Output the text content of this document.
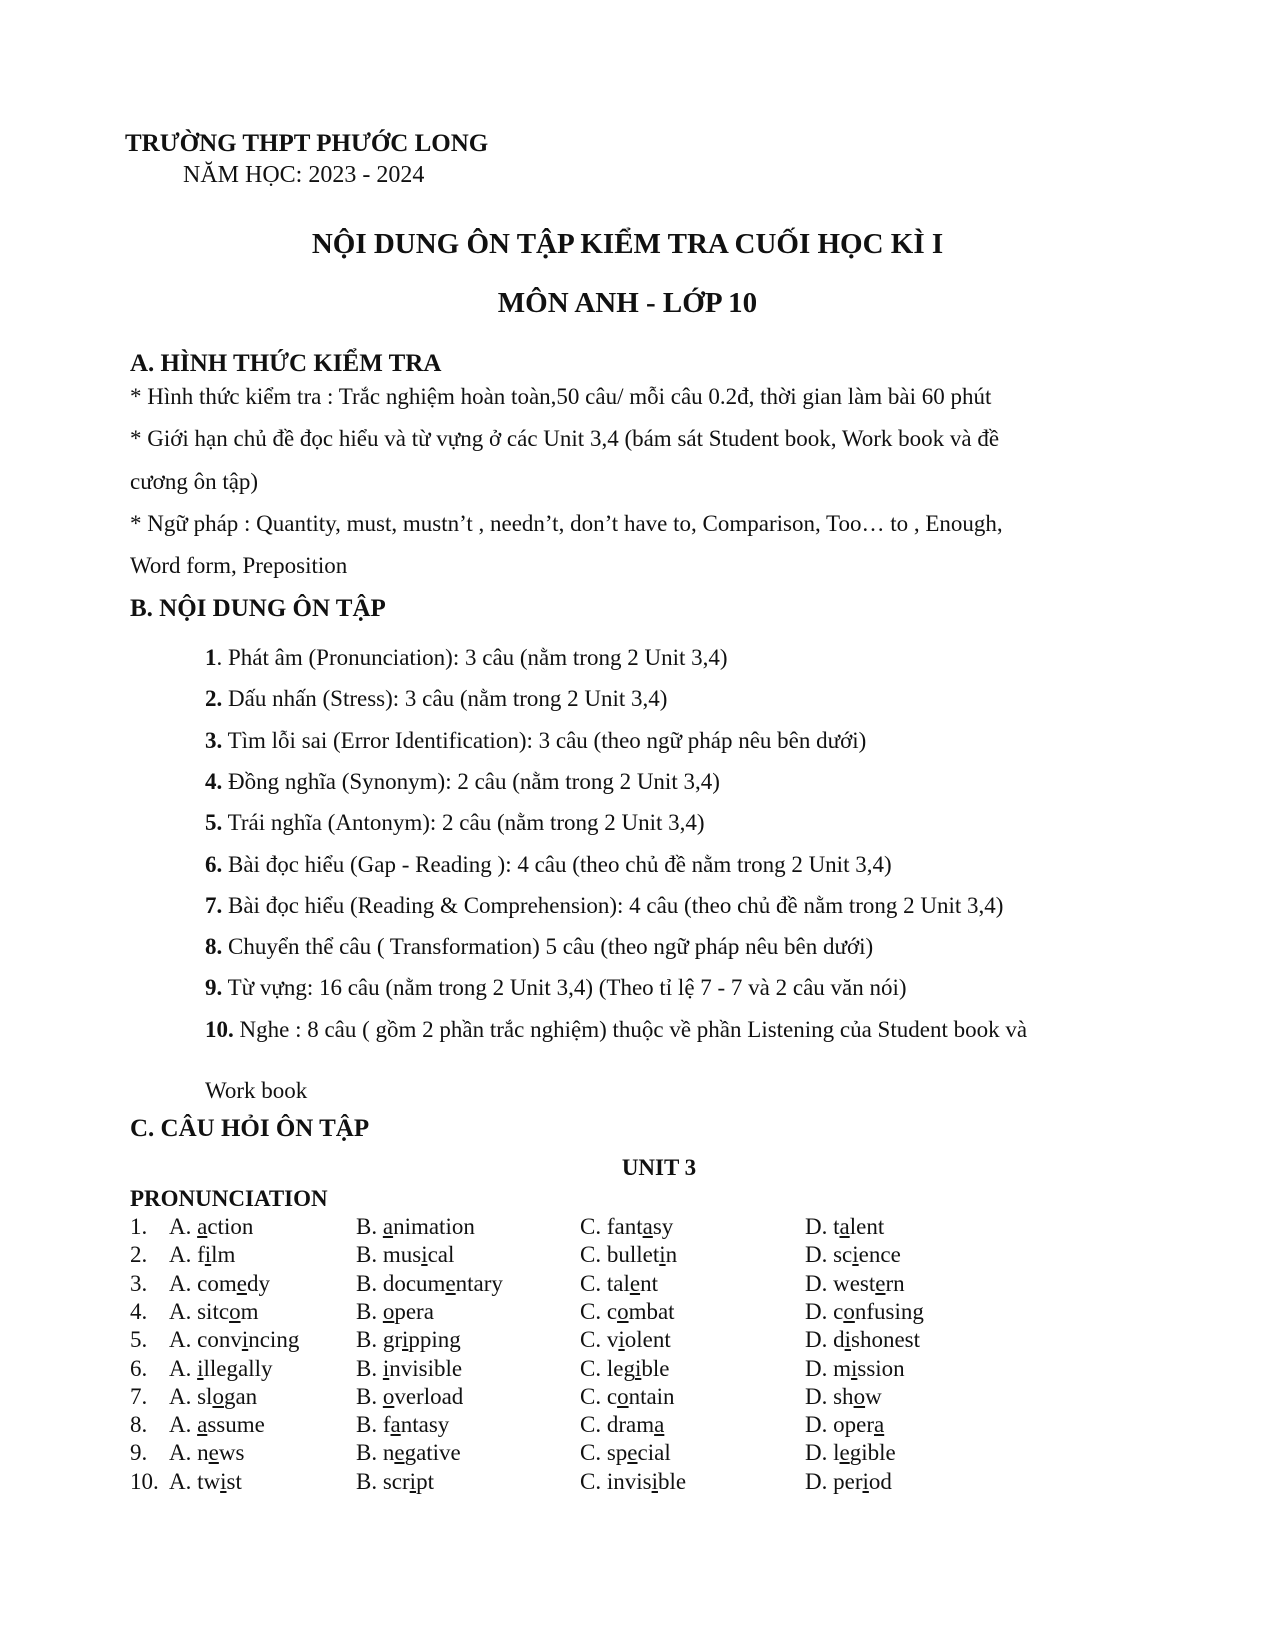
TRƯỜNG THPT PHƯỚC LONG
NĂM HỌC: 2023 - 2024
NỘI DUNG ÔN TẬP KIỂM TRA CUỐI HỌC KÌ I
MÔN ANH - LỚP 10
A. HÌNH THỨC KIỂM TRA
* Hình thức kiểm tra : Trắc nghiệm hoàn toàn,50 câu/ mỗi câu 0.2đ, thời gian làm bài 60 phút
* Giới hạn chủ đề đọc hiểu và từ vựng ở các Unit 3,4 (bám sát Student book, Work book và đề
cương ôn tập)
* Ngữ pháp : Quantity, must, mustn’t , needn’t, don’t have to, Comparison, Too… to , Enough,
Word form, Preposition
B. NỘI DUNG ÔN TẬP
1. Phát âm (Pronunciation): 3 câu (nằm trong 2 Unit 3,4)
2. Dấu nhấn (Stress): 3 câu (nằm trong 2 Unit 3,4)
3. Tìm lỗi sai (Error Identification): 3 câu (theo ngữ pháp nêu bên dưới)
4. Đồng nghĩa (Synonym): 2 câu (nằm trong 2 Unit 3,4)
5. Trái nghĩa (Antonym): 2 câu (nằm trong 2 Unit 3,4)
6. Bài đọc hiểu (Gap - Reading ): 4 câu (theo chủ đề nằm trong 2 Unit 3,4)
7. Bài đọc hiểu (Reading & Comprehension): 4 câu (theo chủ đề nằm trong 2 Unit 3,4)
8. Chuyển thể câu ( Transformation) 5 câu (theo ngữ pháp nêu bên dưới)
9. Từ vựng: 16 câu (nằm trong 2 Unit 3,4) (Theo tỉ lệ 7 - 7 và 2 câu văn nói)
10. Nghe : 8 câu ( gồm 2 phần trắc nghiệm) thuộc về phần Listening của Student book và
Work book
C. CÂU HỎI ÔN TẬP
UNIT 3
PRONUNCIATION
1. A. action	B. animation	C. fantasy	D. talent
2. A. film	B. musical	C. bulletin	D. science
3. A. comedy	B. documentary	C. talent	D. western
4. A. sitcom	B. opera	C. combat	D. confusing
5. A. convincing B. gripping	C. violent	D. dishonest
6. A. illegally	B. invisible	C. legible	D. mission
7. A. slogan	B. overload	C. contain	D. show
8. A. assume	B. fantasy	C. drama	D. opera
9. A. news	B. negative	C. special	D. legible
10. A. twist	B. script	C. invisible	D. period
